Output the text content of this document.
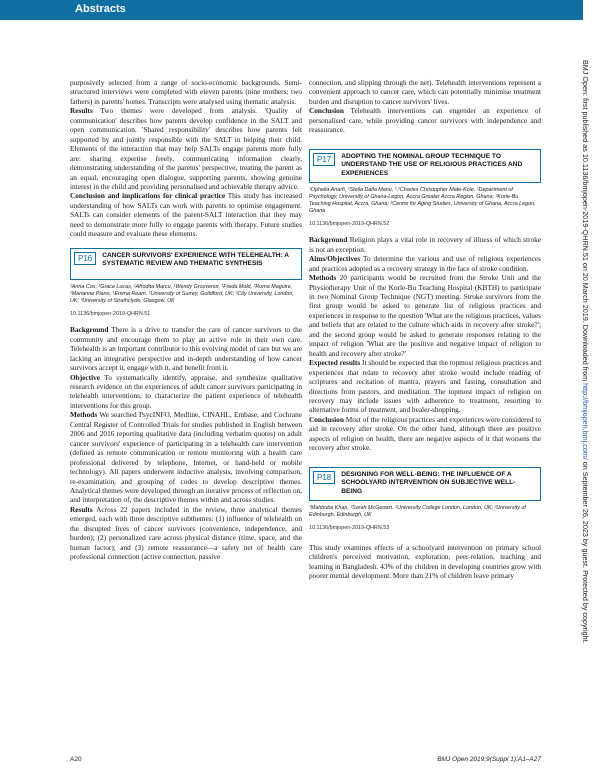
Abstracts
BMJ Open: first published as 10.1136/bmjopen-2019-QHRN.51 on 20 March 2019. Downloaded from http://bmjopen.bmj.com/ on September 26, 2023 by guest. Protected by copyright.

purposively selected from a range of socio-economic backgrounds. Semi-structured interviews were completed with eleven parents (nine mothers; two fathers) in parents' homes. Transcripts were analysed using thematic analysis.

Results Two themes were developed from analysis. 'Quality of communication' describes how parents develop confidence in the SALT and open communication. 'Shared responsibility' describes how parents felt supported by and jointly responsible with the SALT in helping their child. Elements of the interaction that may help SALTs engage parents more fully are: sharing expertise freely, communicating information clearly, demonstrating understanding of the parents' perspective, treating the parent as an equal, encouraging open dialogue, supporting parents, showing genuine interest in the child and providing personalised and achievable therapy advice.

Conclusion and implications for clinical practice This study has increased understanding of how SALTs can work with parents to optimise engagement. SALTs can consider elements of the parent-SALT interaction that they may need to demonstrate more fully to engage parents with therapy. Future studies could measure and evaluate these elements.

P16	CANCER SURVIVORS' EXPERIENCE WITH TELEHEALTH: A SYSTEMATIC REVIEW AND THEMATIC SYNTHESIS
¹Anna Cox, ¹Grace Lucas, ¹Afrodita Marcu, ¹Wendy Grosvenor, ¹Freda Mold, ²Roma Maguire, ¹Marianne Piano, ¹Emma Ream. ¹University of Surrey, Guildford, UK; ²City University, London, UK; ³University of Strathclyde, Glasgow, UK
10.1136/bmjopen-2019-QHRN.51

Background There is a drive to transfer the care of cancer survivors to the community and encourage them to play an active role in their own care. Telehealth is an important contributor to this evolving model of care but we are lacking an integrative perspective and in-depth understanding of how cancer survivors accept it, engage with it, and benefit from it.

Objective To systematically identify, appraise, and synthesize qualitative research evidence on the experiences of adult cancer survivors participating in telehealth interventions, to characterize the patient experience of telehealth interventions for this group.

Methods We searched PsycINFO, Medline, CINAHL, Embase, and Cochrane Central Register of Controlled Trials for studies published in English between 2006 and 2016 reporting qualitative data (including verbatim quotes) on adult cancer survivors' experience of participating in a telehealth care intervention (defined as remote communication or remote monitoring with a health care professional delivered by telephone, Internet, or hand-held or mobile technology). All papers underwent inductive analysis, involving comparison, re-examination, and grouping of codes to develop descriptive themes. Analytical themes were developed through an iterative process of reflection on, and interpretation of, the descriptive themes within and across studies.

Results Across 22 papers included in the review, three analytical themes emerged, each with three descriptive subthemes: (1) influence of telehealth on the disrupted lives of cancer survivors (convenience, independence, and burden); (2) personalized care across physical distance (time, space, and the human factor); and (3) remote reassurance—a safety net of health care professional connection (active connection, passive

connection, and slipping through the net). Telehealth interventions represent a convenient approach to cancer care, which can potentially minimise treatment burden and disruption to cancer survivors' lives.

Conclusion Telehealth interventions can engender an experience of personalised care, while providing cancer survivors with independence and reassurance.

P17	ADOPTING THE NOMINAL GROUP TECHNIQUE TO UNDERSTAND THE USE OF RELIGIOUS PRACTICES AND EXPERIENCES
¹Ophelia Anarfi, ²Stella Dalla Manu, ¹,²Charles Christopher Mate-Kole. ¹Department of Psychology, University of Ghana-Legon, Accra Greater Accra Region, Ghana; ²Korle-Bu Teaching Hospital, Accra, Ghana; ³Centre for Aging Studies, University of Ghana, Accra Legon, Ghana
10.1136/bmjopen-2019-QHRN.52

Background Religion plays a vital role in recovery of illness of which stroke is not an exception.

Aims/Objectives To determine the various and use of religious experiences and practices adopted as a recovery strategy in the face of stroke condition.

Methods 20 participants would be recruited from the Stroke Unit and the Physiotherapy Unit of the Korle-Bu Teaching Hospital (KBTH) to participate in two Nominal Group Technique (NGT) meeting. Stroke survivors from the first group would be asked to generate list of religious practices and experiences in response to the question 'What are the religious practices, values and beliefs that are related to the culture which aids in recovery after stroke?'; and the second group would be asked to generate responses relating to the impact of religion 'What are the positive and negative impact of religion to health and recovery after stroke?'

Expected results It should be expected that the topmost religious practices and experiences that relate to recovery after stroke would include reading of scriptures and recitation of mantra, prayers and fasting, consultation and directions from pastors, and meditation. The topmost impact of religion on recovery may include issues with adherence to treatment, resorting to alternative forms of treatment, and healer-shopping.

Conclusion Most of the religious practices and experiences were considered to aid in recovery after stroke. On the other hand, although there are positive aspects of religion on health, there are negative aspects of it that worsens the recovery after stroke.

P18	DESIGNING FOR WELL-BEING: THE INFLUENCE OF A SCHOOLYARD INTERVENTION ON SUBJECTIVE WELL-BEING
¹Mahbuba Khan, ²Sarah McGeown. ¹University College London, London, UK; ²University of Edinburgh, Edinburgh, UK
10.1136/bmjopen-2019-QHRN.53

This study examines effects of a schoolyard intervention on primary school children's perceived motivation, exploration, peer-relation, teaching and learning in Bangladesh. 43% of the children in developing countries grow with poorer mental development. More than 21% of children leave primary

A20	BMJ Open 2019;9(Suppl 1):A1–A27
